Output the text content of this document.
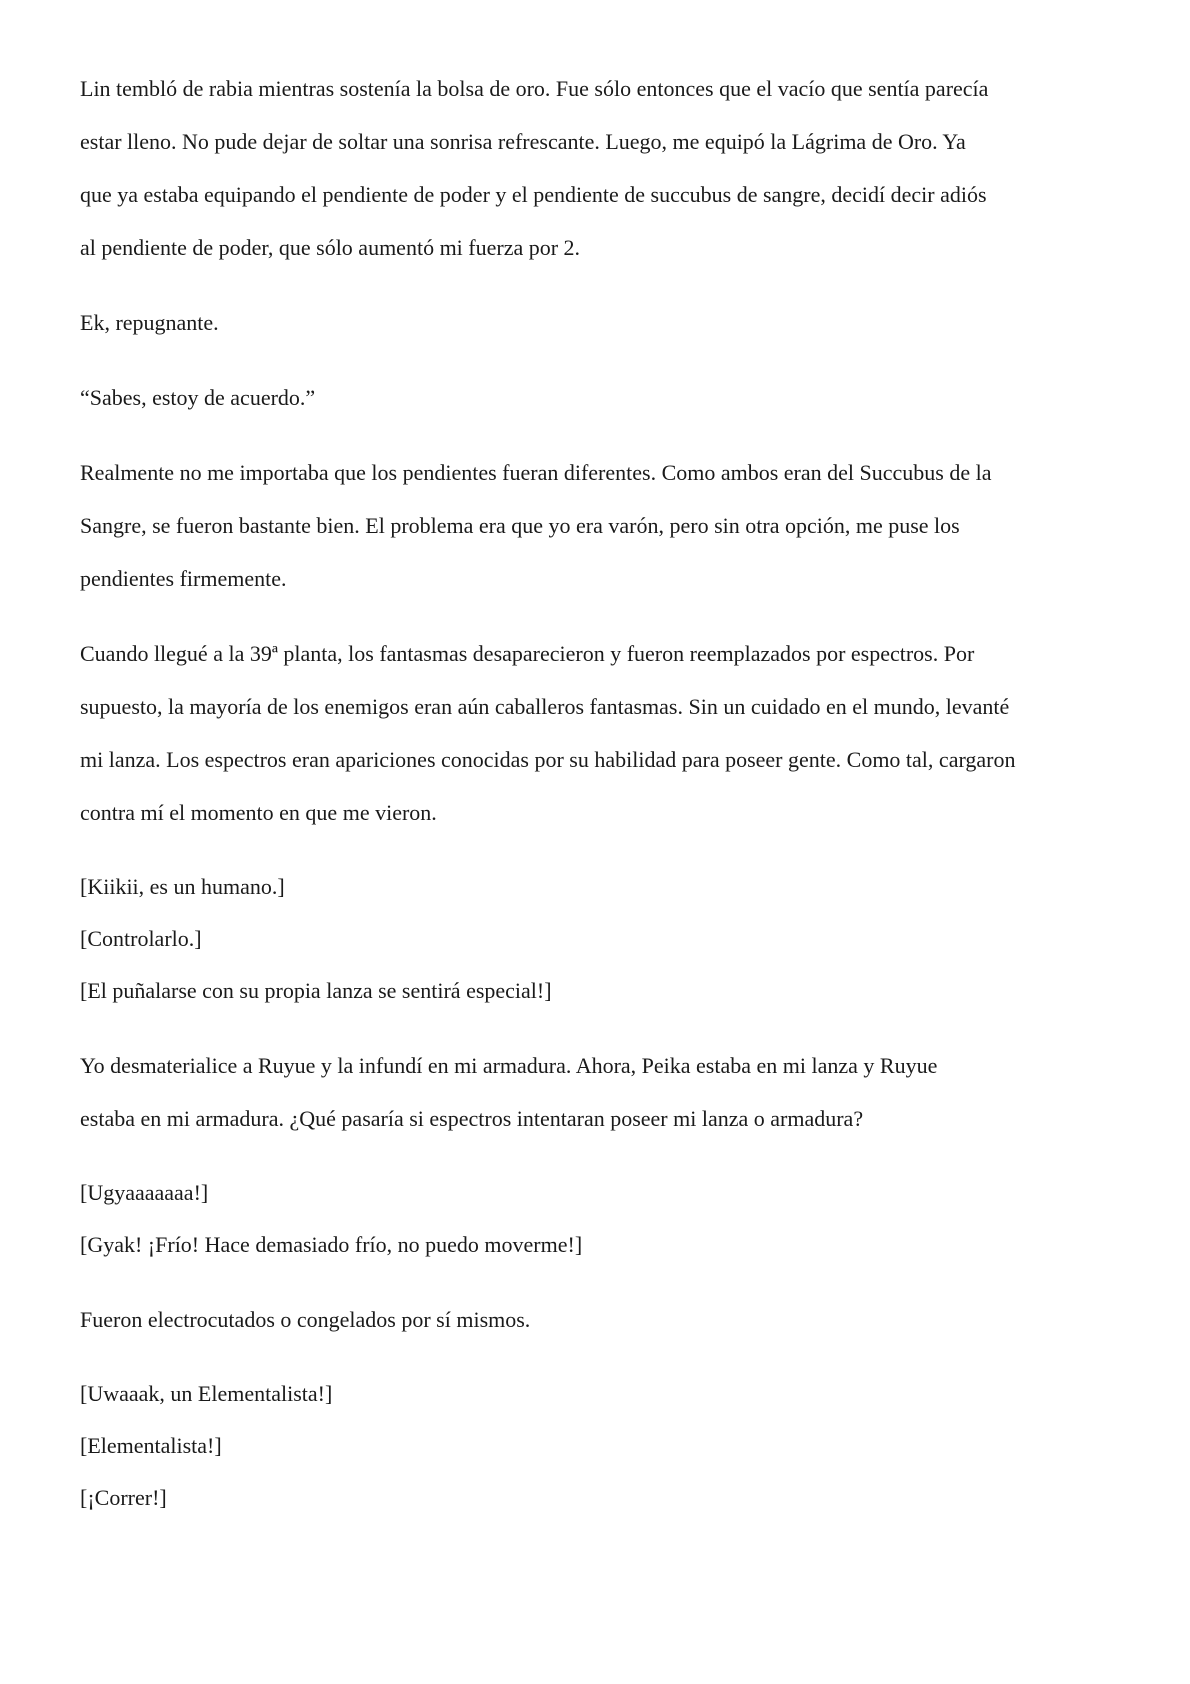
Lin tembló de rabia mientras sostenía la bolsa de oro. Fue sólo entonces que el vacío que sentía parecía
estar lleno. No pude dejar de soltar una sonrisa refrescante. Luego, me equipó la Lágrima de Oro. Ya
que ya estaba equipando el pendiente de poder y el pendiente de succubus de sangre, decidí decir adiós
al pendiente de poder, que sólo aumentó mi fuerza por 2.

Ek, repugnante.

“Sabes, estoy de acuerdo.”

Realmente no me importaba que los pendientes fueran diferentes. Como ambos eran del Succubus de la
Sangre, se fueron bastante bien. El problema era que yo era varón, pero sin otra opción, me puse los
pendientes firmemente.

Cuando llegué a la 39ª planta, los fantasmas desaparecieron y fueron reemplazados por espectros. Por
supuesto, la mayoría de los enemigos eran aún caballeros fantasmas. Sin un cuidado en el mundo, levanté
mi lanza. Los espectros eran apariciones conocidas por su habilidad para poseer gente. Como tal, cargaron
contra mí el momento en que me vieron.

[Kiikii, es un humano.]
[Controlarlo.]
[El puñalarse con su propia lanza se sentirá especial!]

Yo desmaterialice a Ruyue y la infundí en mi armadura. Ahora, Peika estaba en mi lanza y Ruyue
estaba en mi armadura. ¿Qué pasaría si espectros intentaran poseer mi lanza o armadura?

[Ugyaaaaaaa!]
[Gyak! ¡Frío! Hace demasiado frío, no puedo moverme!]

Fueron electrocutados o congelados por sí mismos.

[Uwaaak, un Elementalista!]
[Elementalista!]
[¡Correr!]
